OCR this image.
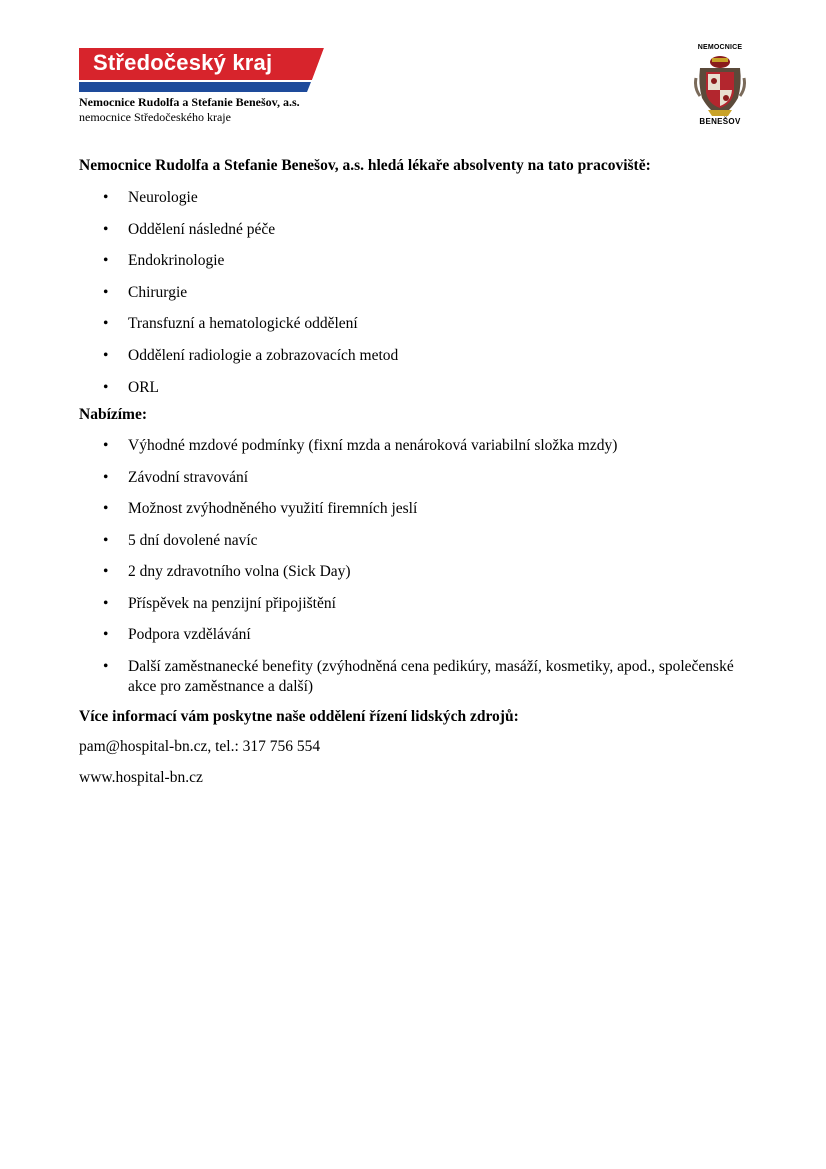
Středočeský kraj
Nemocnice Rudolfa a Stefanie Benešov, a.s.
nemocnice Středočeského kraje
NEMOCNICE
BENEŠOV

Nemocnice Rudolfa a Stefanie Benešov, a.s. hledá lékaře absolventy na tato pracoviště:

• Neurologie
• Oddělení následné péče
• Endokrinologie
• Chirurgie
• Transfuzní a hematologické oddělení
• Oddělení radiologie a zobrazovacích metod
• ORL

Nabízíme:

• Výhodné mzdové podmínky (fixní mzda a nenároková variabilní složka mzdy)
• Závodní stravování
• Možnost zvýhodněného využití firemních jeslí
• 5 dní dovolené navíc
• 2 dny zdravotního volna (Sick Day)
• Příspěvek na penzijní připojištění
• Podpora vzdělávání
• Další zaměstnanecké benefity (zvýhodněná cena pedikúry, masáží, kosmetiky, apod., společenské akce pro zaměstnance a další)

Více informací vám poskytne naše oddělení řízení lidských zdrojů:

pam@hospital-bn.cz, tel.: 317 756 554

www.hospital-bn.cz
